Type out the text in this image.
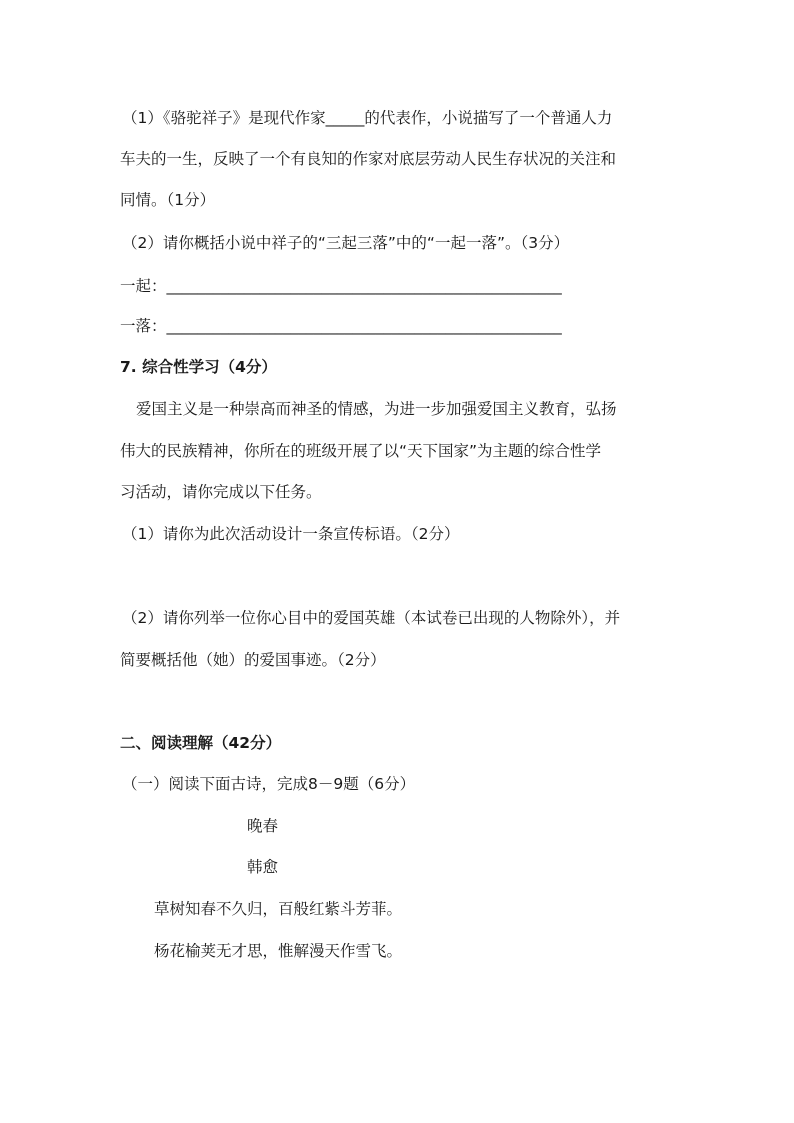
（1）《骆驼祥子》是现代作家_____的代表作，小说描写了一个普通人力
车夫的一生，反映了一个有良知的作家对底层劳动人民生存状况的关注和
同情。（1分）
（2）请你概括小说中祥子的“三起三落”中的“一起一落”。（3分）
一起：___________________________________________________
一落：___________________________________________________
7. 综合性学习（4分）
爱国主义是一种崇高而神圣的情感，为进一步加强爱国主义教育，弘扬
伟大的民族精神，你所在的班级开展了以“天下国家”为主题的综合性学
习活动，请你完成以下任务。
（1）请你为此次活动设计一条宣传标语。（2分）
（2）请你列举一位你心目中的爱国英雄（本试卷已出现的人物除外），并
简要概括他（她）的爱国事迹。（2分）
二、阅读理解（42分）
（一）阅读下面古诗，完成8－9题（6分）
晚春
韩愈
草树知春不久归，百般红紫斗芳菲。
杨花榆荚无才思，惟解漫天作雪飞。
